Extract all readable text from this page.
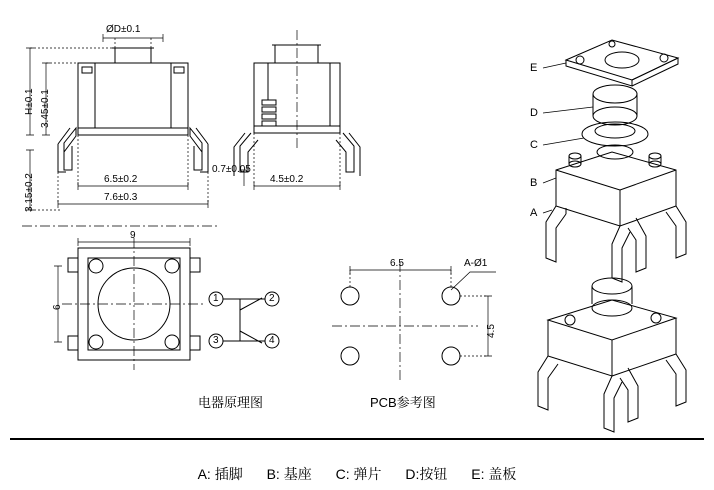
ØD±0.1
H±0.1 3.45±0.1
3.15±0.2	6.5±0.2
7.6±0.3
0.7±0.05
4.5±0.2
9
6
6.5
4.5
A-Ø1
1	2
3	4
电器原理图	PCB参考图
E
D
C
B
A
A: 插脚 B: 基座 C: 弹片 D:按钮 E: 盖板
